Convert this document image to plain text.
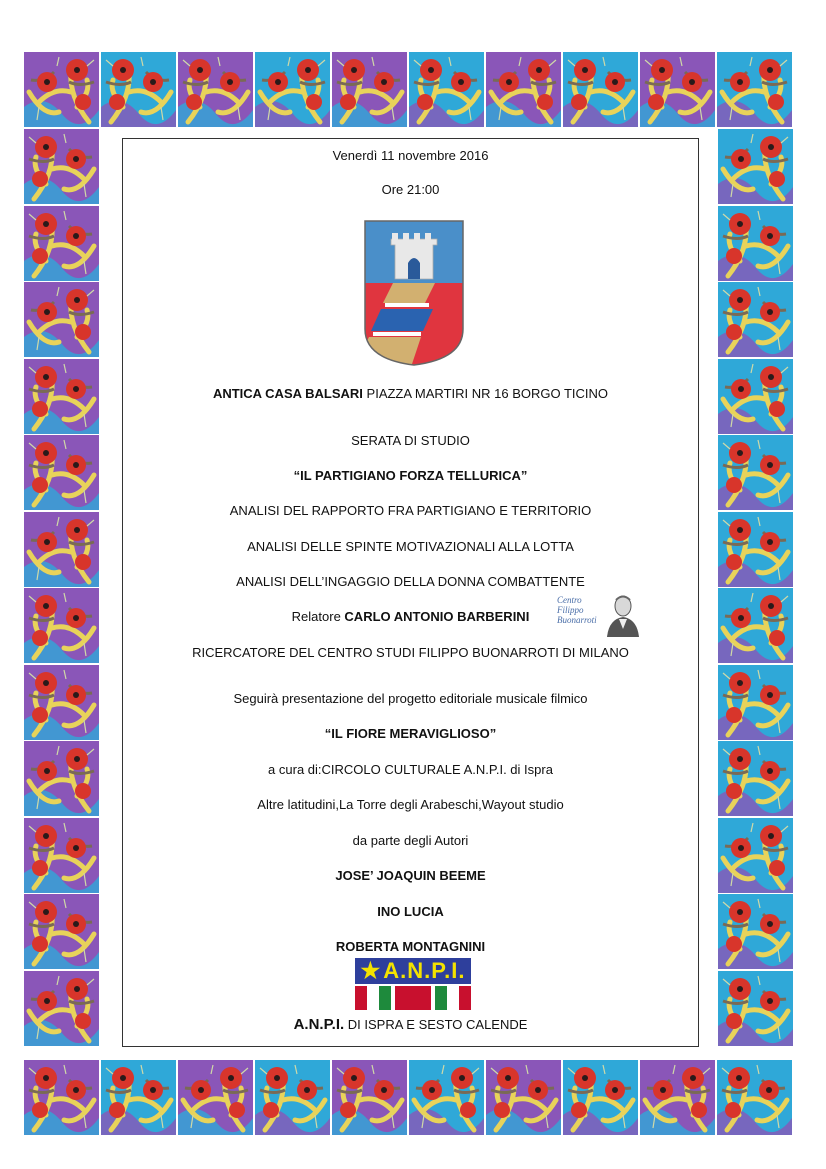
Venerdì 11 novembre 2016
Ore 21:00
ANTICA CASA BALSARI PIAZZA MARTIRI NR 16 BORGO TICINO
SERATA DI STUDIO
“IL PARTIGIANO FORZA TELLURICA”
ANALISI DEL RAPPORTO FRA PARTIGIANO E TERRITORIO
ANALISI DELLE SPINTE MOTIVAZIONALI ALLA LOTTA
ANALISI DELL’INGAGGIO DELLA DONNA COMBATTENTE
Relatore CARLO ANTONIO BARBERINI
Centro
Filippo
Buonarroti
RICERCATORE DEL CENTRO STUDI FILIPPO BUONARROTI DI MILANO
Seguirà presentazione del progetto editoriale musicale filmico
“IL FIORE MERAVIGLIOSO”
a cura di:CIRCOLO CULTURALE A.N.P.I. di Ispra
Altre latitudini,La Torre degli Arabeschi,Wayout studio
da parte degli Autori
JOSE’ JOAQUIN BEEME
INO LUCIA
ROBERTA MONTAGNINI
★ A.N.P.I.
A.N.P.I. DI ISPRA E SESTO CALENDE
